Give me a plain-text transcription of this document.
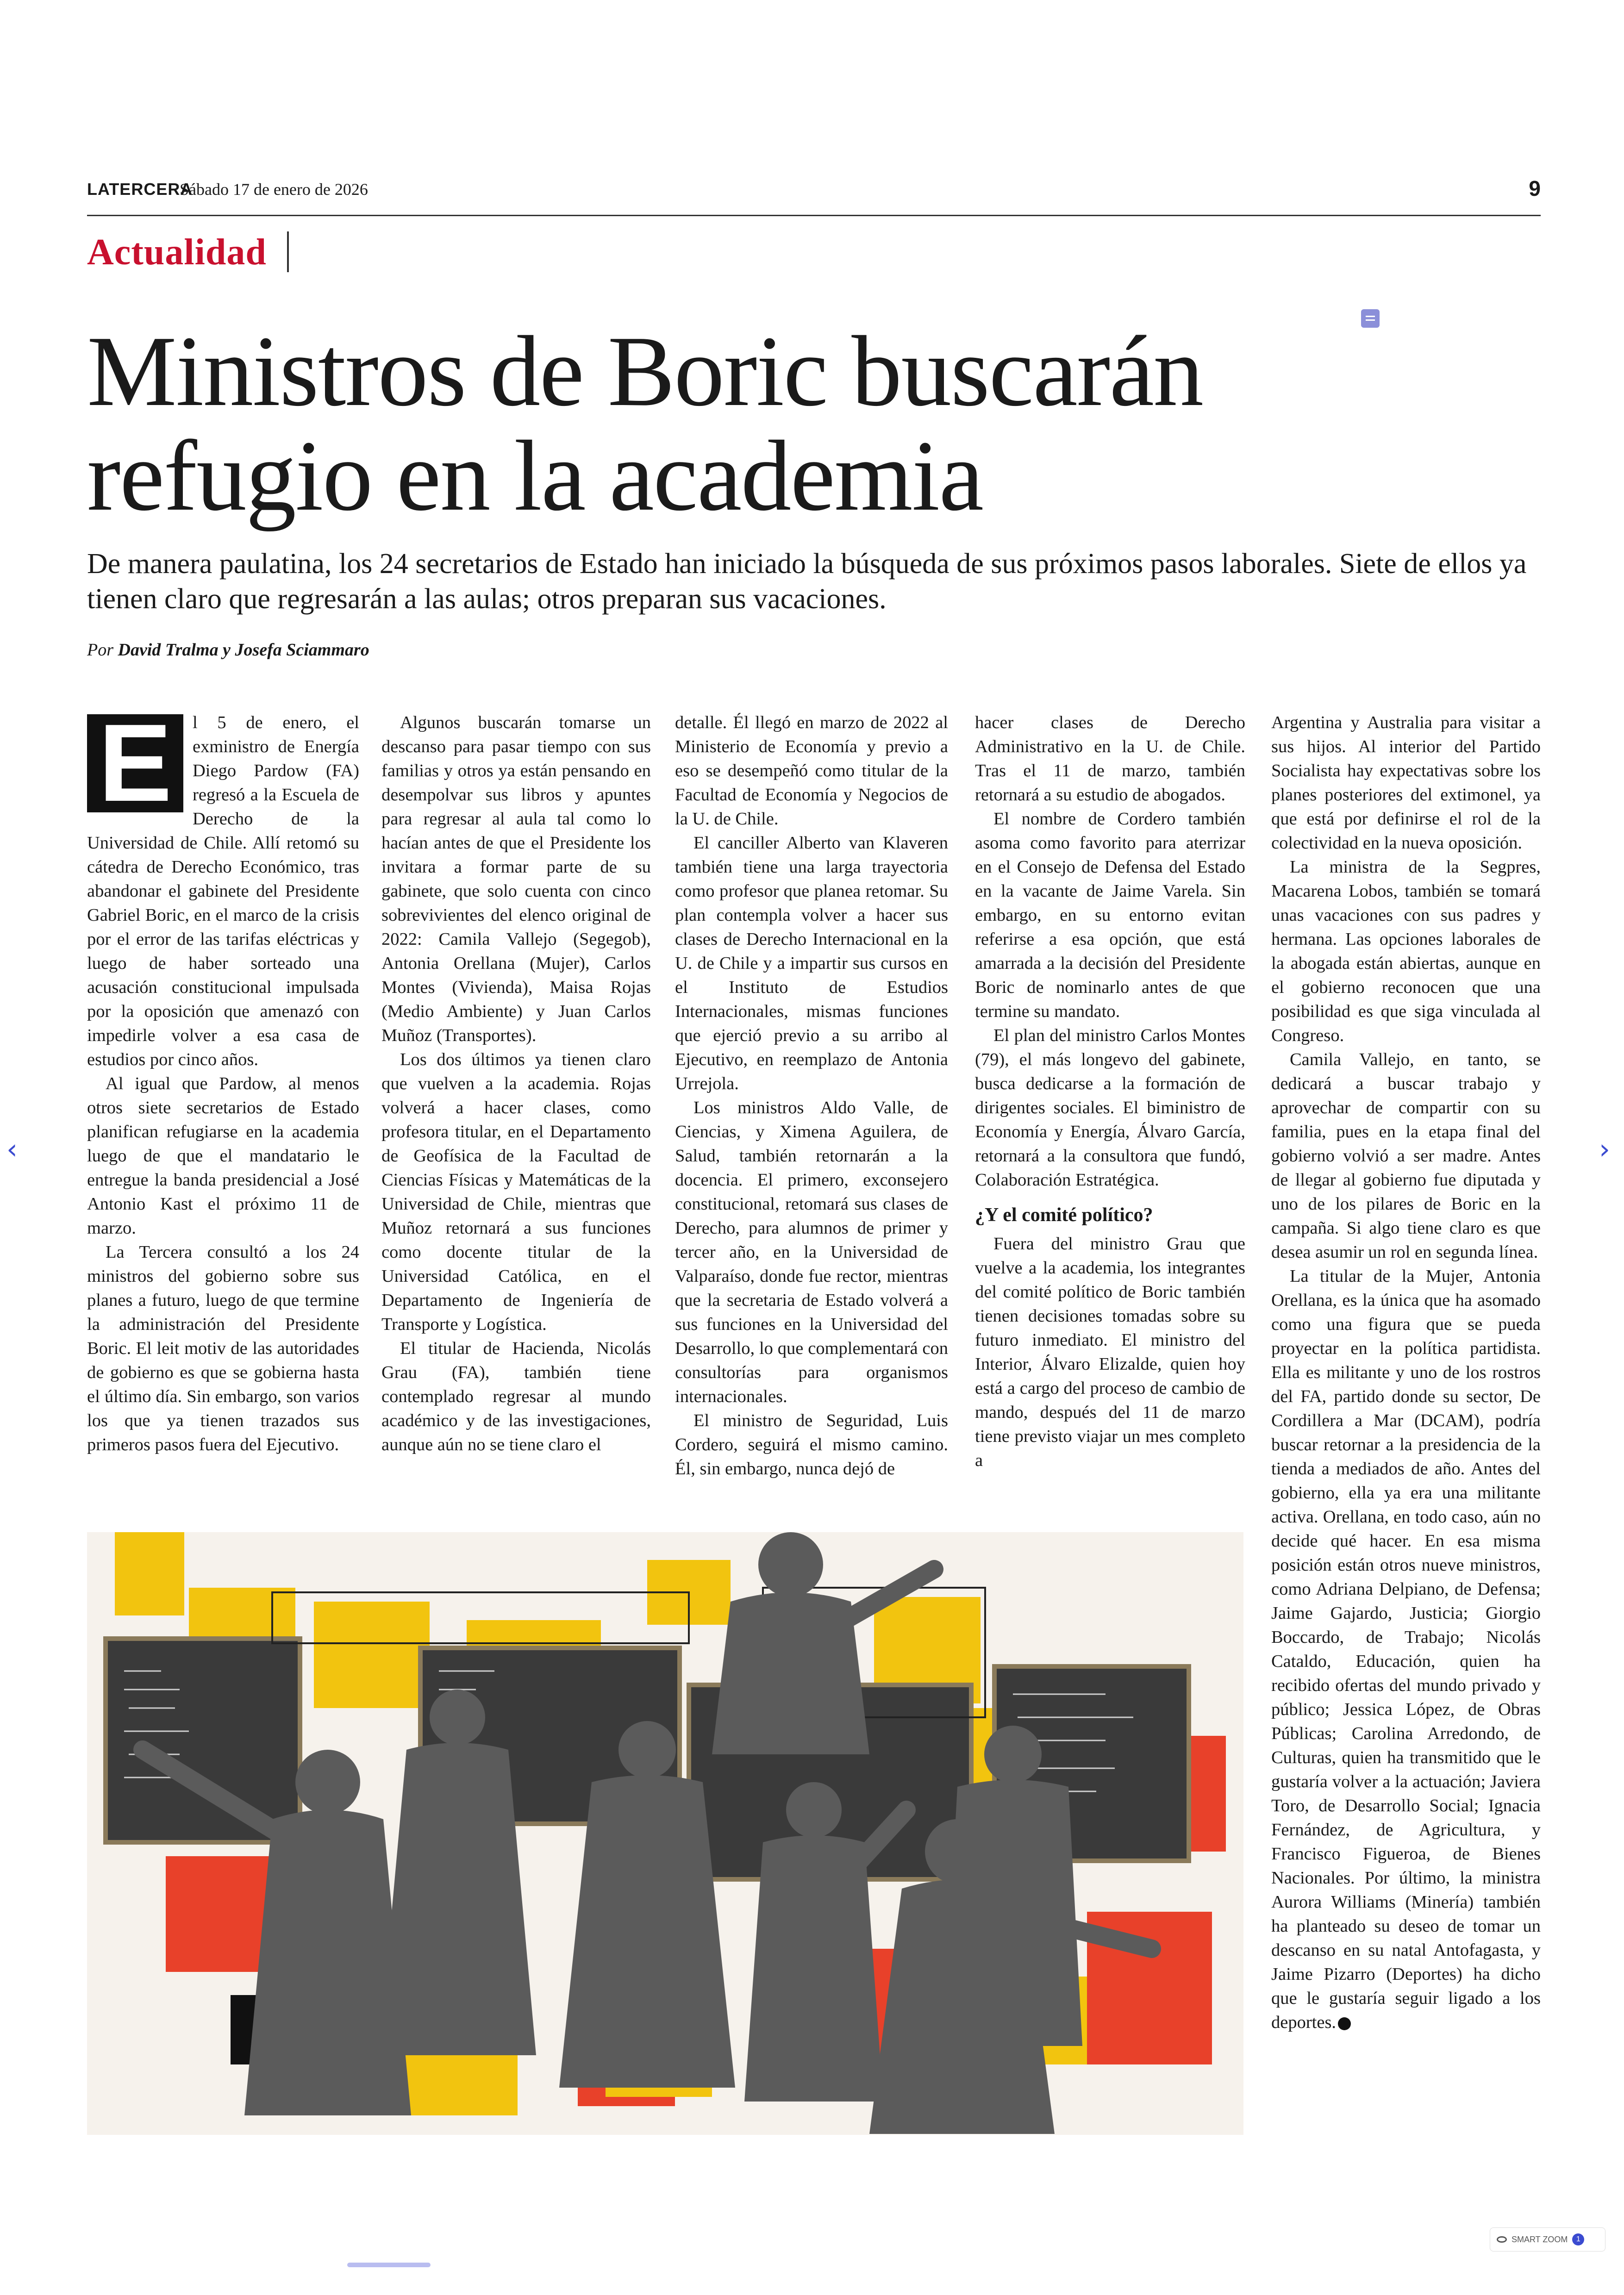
LATERCERA
Sábado 17 de enero de 2026	9
Actualidad
Ministros de Boric buscarán
refugio en la academia

De manera paulatina, los 24 secretarios de Estado han iniciado la búsqueda de sus próximos pasos laborales. Siete de ellos ya tienen claro que regresarán a las aulas; otros preparan sus vacaciones.

Por David Tralma y Josefa Sciammaro
E	l 5 de enero, el exministro de Energía Diego Pardow (FA) regresó a la Escuela de Derecho de la Universidad de Chile. Allí retomó su cátedra de Derecho Económico, tras abandonar el gabinete del Presidente Gabriel Boric, en el marco de la crisis por el error de las tarifas eléctricas y luego de haber sorteado una acusación constitucional impulsada por la oposición que amenazó con impedirle volver a esa casa de estudios por cinco años.

Al igual que Pardow, al menos otros siete secretarios de Estado planifican refugiarse en la academia luego de que el mandatario le entregue la banda presidencial a José Antonio Kast el próximo 11 de marzo.

La Tercera consultó a los 24 ministros del gobierno sobre sus planes a futuro, luego de que termine la administración del Presidente Boric. El leit motiv de las autoridades de gobierno es que se gobierna hasta el último día. Sin embargo, son varios los que ya tienen trazados sus primeros pasos fuera del Ejecutivo.

Algunos buscarán tomarse un descanso para pasar tiempo con sus familias y otros ya están pensando en desempolvar sus libros y apuntes para regresar al aula tal como lo hacían antes de que el Presidente los invitara a formar parte de su gabinete, que solo cuenta con cinco sobrevivientes del elenco original de 2022: Camila Vallejo (Segegob), Antonia Orellana (Mujer), Carlos Montes (Vivienda), Maisa Rojas (Medio Ambiente) y Juan Carlos Muñoz (Transportes).

Los dos últimos ya tienen claro que vuelven a la academia. Rojas volverá a hacer clases, como profesora titular, en el Departamento de Geofísica de la Facultad de Ciencias Físicas y Matemáticas de la Universidad de Chile, mientras que Muñoz retornará a sus funciones como docente titular de la Universidad Católica, en el Departamento de Ingeniería de Transporte y Logística.

El titular de Hacienda, Nicolás Grau (FA), también tiene contemplado regresar al mundo académico y de las investigaciones, aunque aún no se tiene claro el

detalle. Él llegó en marzo de 2022 al Ministerio de Economía y previo a eso se desempeñó como titular de la Facultad de Economía y Negocios de la U. de Chile.

El canciller Alberto van Klaveren también tiene una larga trayectoria como profesor que planea retomar. Su plan contempla volver a hacer sus clases de Derecho Internacional en la U. de Chile y a impartir sus cursos en el Instituto de Estudios Internacionales, mismas funciones que ejerció previo a su arribo al Ejecutivo, en reemplazo de Antonia Urrejola.

Los ministros Aldo Valle, de Ciencias, y Ximena Aguilera, de Salud, también retornarán a la docencia. El primero, exconsejero constitucional, retomará sus clases de Derecho, para alumnos de primer y tercer año, en la Universidad de Valparaíso, donde fue rector, mientras que la secretaria de Estado volverá a sus funciones en la Universidad del Desarrollo, lo que complementará con consultorías para organismos internacionales.

El ministro de Seguridad, Luis Cordero, seguirá el mismo camino. Él, sin embargo, nunca dejó de

hacer clases de Derecho Administrativo en la U. de Chile. Tras el 11 de marzo, también retornará a su estudio de abogados.

El nombre de Cordero también asoma como favorito para aterrizar en el Consejo de Defensa del Estado en la vacante de Jaime Varela. Sin embargo, en su entorno evitan referirse a esa opción, que está amarrada a la decisión del Presidente Boric de nominarlo antes de que termine su mandato.

El plan del ministro Carlos Montes (79), el más longevo del gabinete, busca dedicarse a la formación de dirigentes sociales. El biministro de Economía y Energía, Álvaro García, retornará a la consultora que fundó, Colaboración Estratégica.

¿Y el comité político?

Fuera del ministro Grau que vuelve a la academia, los integrantes del comité político de Boric también tienen decisiones tomadas sobre su futuro inmediato. El ministro del Interior, Álvaro Elizalde, quien hoy está a cargo del proceso de cambio de mando, después del 11 de marzo tiene previsto viajar un mes completo a

Argentina y Australia para visitar a sus hijos. Al interior del Partido Socialista hay expectativas sobre los planes posteriores del extimonel, ya que está por definirse el rol de la colectividad en la nueva oposición.

La ministra de la Segpres, Macarena Lobos, también se tomará unas vacaciones con sus padres y hermana. Las opciones laborales de la abogada están abiertas, aunque en el gobierno reconocen que una posibilidad es que siga vinculada al Congreso.

Camila Vallejo, en tanto, se dedicará a buscar trabajo y aprovechar de compartir con su familia, pues en la etapa final del gobierno volvió a ser madre. Antes de llegar al gobierno fue diputada y uno de los pilares de Boric en la campaña. Si algo tiene claro es que desea asumir un rol en segunda línea.

La titular de la Mujer, Antonia Orellana, es la única que ha asomado como una figura que se pueda proyectar en la política partidista. Ella es militante y uno de los rostros del FA, partido donde su sector, De Cordillera a Mar (DCAM), podría buscar retornar a la presidencia de la tienda a mediados de año. Antes del gobierno, ella ya era una militante activa. Orellana, en todo caso, aún no decide qué hacer. En esa misma posición están otros nueve ministros, como Adriana Delpiano, de Defensa; Jaime Gajardo, Justicia; Giorgio Boccardo, de Trabajo; Nicolás Cataldo, Educación, quien ha recibido ofertas del mundo privado y público; Jessica López, de Obras Públicas; Carolina Arredondo, de Culturas, quien ha transmitido que le gustaría volver a la actuación; Javiera Toro, de Desarrollo Social; Ignacia Fernández, de Agricultura, y Francisco Figueroa, de Bienes Nacionales. Por último, la ministra Aurora Williams (Minería) también ha planteado su deseo de tomar un descanso en su natal Antofagasta, y Jaime Pizarro (Deportes) ha dicho que le gustaría seguir ligado a los deportes.

‹	›
SMART ZOOM	1
